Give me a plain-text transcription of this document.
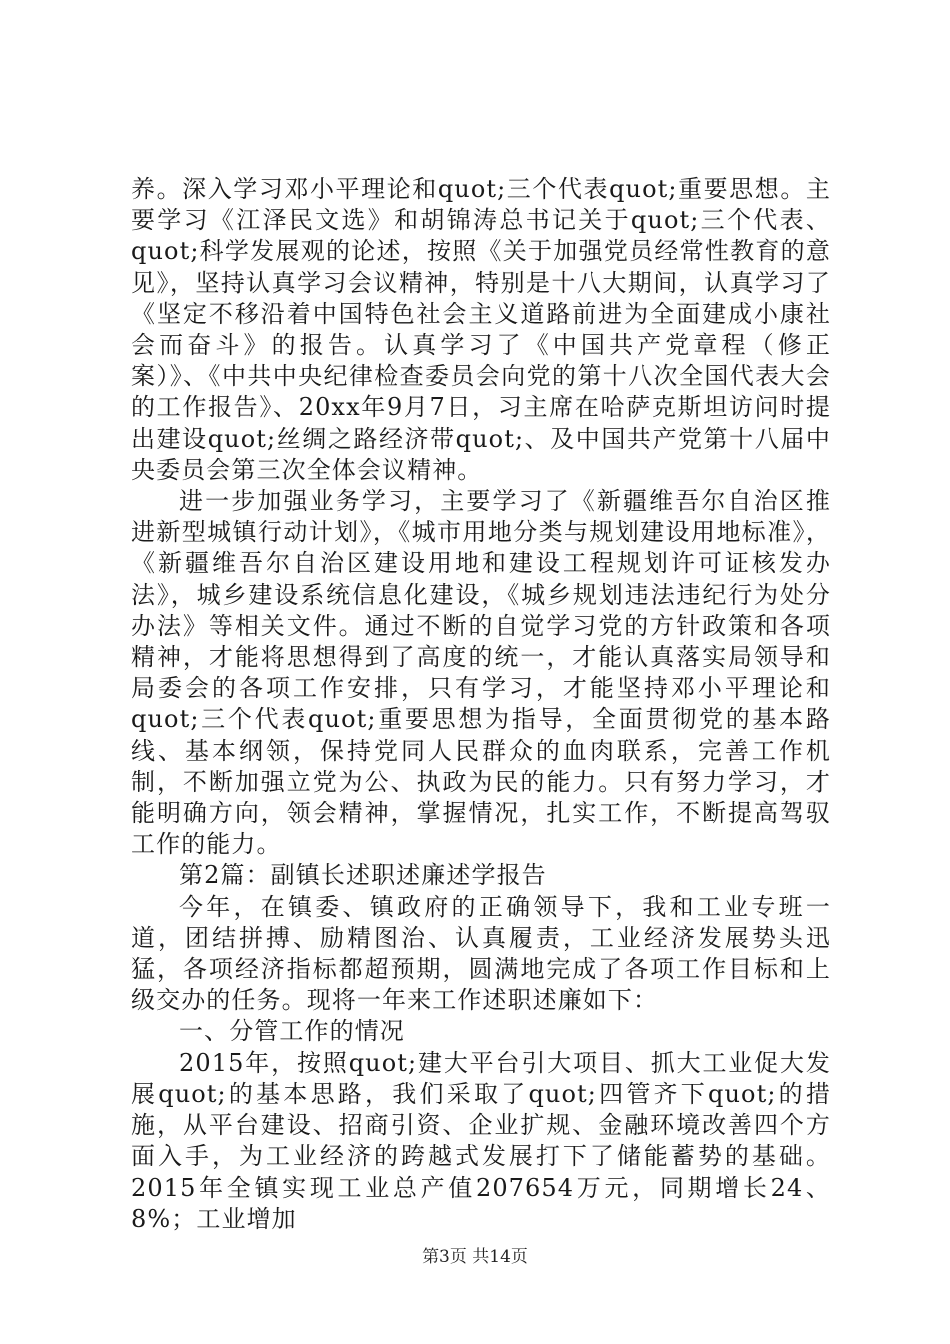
养。深入学习邓小平理论和quot;三个代表quot;重要思想。主要学习《江泽民文选》和胡锦涛总书记关于quot;三个代表、quot;科学发展观的论述，按照《关于加强党员经常性教育的意见》，坚持认真学习会议精神，特别是十八大期间，认真学习了《坚定不移沿着中国特色社会主义道路前进为全面建成小康社会而奋斗》的报告。认真学习了《中国共产党章程（修正案）》、《中共中央纪律检查委员会向党的第十八次全国代表大会的工作报告》、20xx年9月7日，习主席在哈萨克斯坦访问时提出建设quot;丝绸之路经济带quot;、及中国共产党第十八届中央委员会第三次全体会议精神。

进一步加强业务学习，主要学习了《新疆维吾尔自治区推进新型城镇行动计划》，《城市用地分类与规划建设用地标准》，《新疆维吾尔自治区建设用地和建设工程规划许可证核发办法》，城乡建设系统信息化建设，《城乡规划违法违纪行为处分办法》等相关文件。通过不断的自觉学习党的方针政策和各项精神，才能将思想得到了高度的统一，才能认真落实局领导和局委会的各项工作安排，只有学习，才能坚持邓小平理论和quot;三个代表quot;重要思想为指导，全面贯彻党的基本路线、基本纲领，保持党同人民群众的血肉联系，完善工作机制，不断加强立党为公、执政为民的能力。只有努力学习，才能明确方向，领会精神，掌握情况，扎实工作，不断提高驾驭工作的能力。

第2篇：副镇长述职述廉述学报告

今年，在镇委、镇政府的正确领导下，我和工业专班一道，团结拼搏、励精图治、认真履责，工业经济发展势头迅猛，各项经济指标都超预期，圆满地完成了各项工作目标和上级交办的任务。现将一年来工作述职述廉如下：

一、分管工作的情况

2015年，按照quot;建大平台引大项目、抓大工业促大发展quot;的基本思路，我们采取了quot;四管齐下quot;的措施，从平台建设、招商引资、企业扩规、金融环境改善四个方面入手，为工业经济的跨越式发展打下了储能蓄势的基础。2015年全镇实现工业总产值207654万元，同期增长24、8%；工业增加

第3页 共14页
